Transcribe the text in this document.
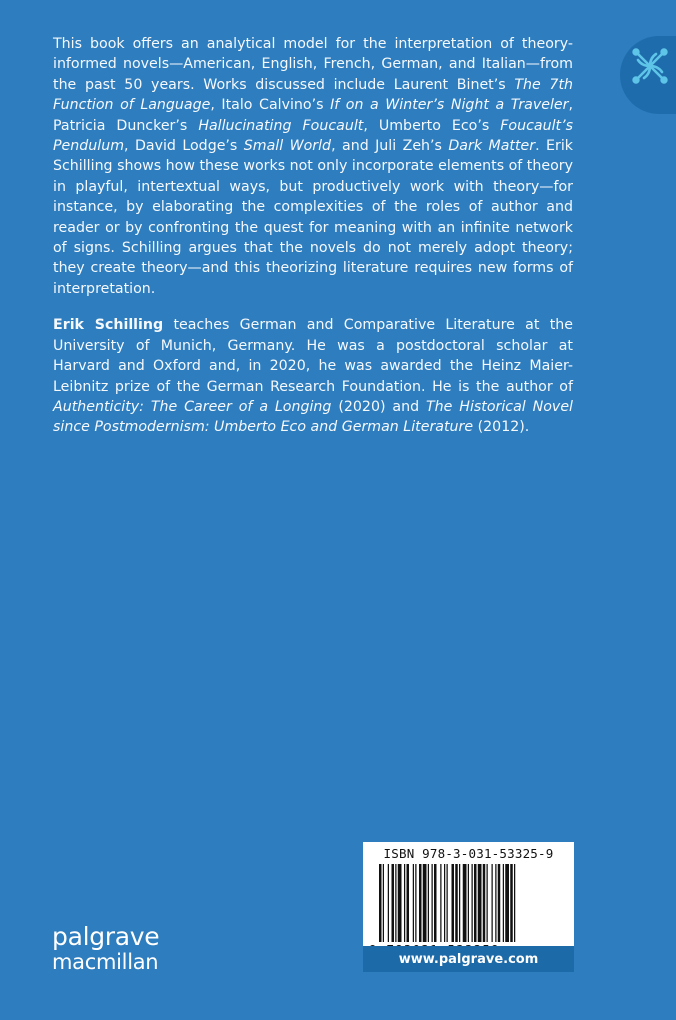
This book offers an analytical model for the interpretation of theory-informed novels—American, English, French, German, and Italian—from the past 50 years. Works discussed include Laurent Binet’s The 7th Function of Language, Italo Calvino’s If on a Winter’s Night a Traveler, Patricia Duncker’s Hallucinating Foucault, Umberto Eco’s Foucault’s Pendulum, David Lodge’s Small World, and Juli Zeh’s Dark Matter. Erik Schilling shows how these works not only incorporate elements of theory in playful, intertextual ways, but productively work with theory—for instance, by elaborating the complexities of the roles of author and reader or by confronting the quest for meaning with an infinite network of signs. Schilling argues that the novels do not merely adopt theory; they create theory—and this theorizing literature requires new forms of interpretation.

Erik Schilling teaches German and Comparative Literature at the University of Munich, Germany. He was a postdoctoral scholar at Harvard and Oxford and, in 2020, he was awarded the Heinz Maier-Leibnitz prize of the German Research Foundation. He is the author of Authenticity: The Career of a Longing (2020) and The Historical Novel since Postmodernism: Umberto Eco and German Literature (2012).

ISBN 978-3-031-53325-9
www.palgrave.com
palgrave
macmillan
